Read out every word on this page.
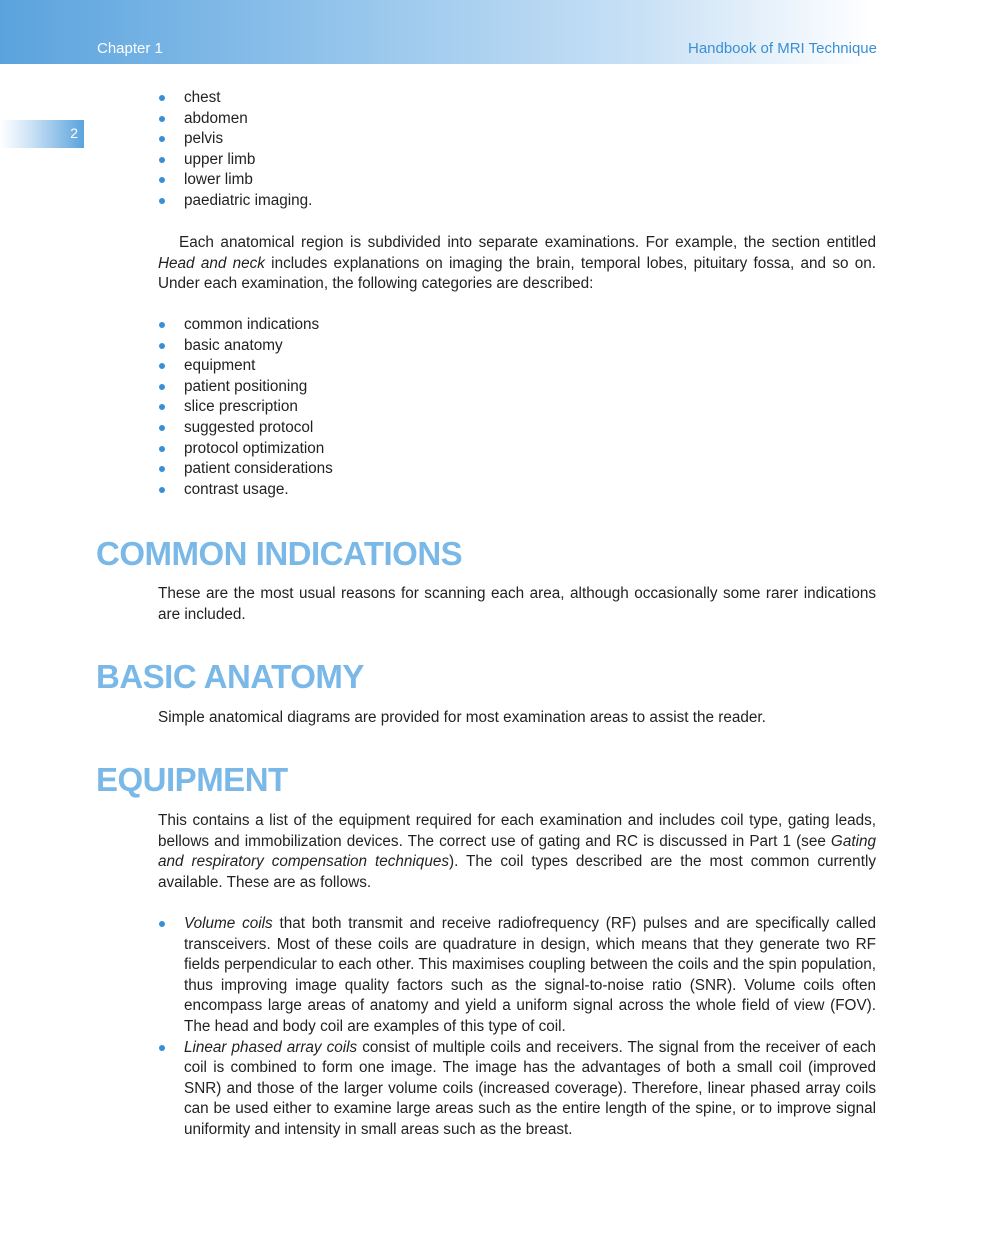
Chapter 1	Handbook of MRI Technique
2
chest
abdomen
pelvis
upper limb
lower limb
paediatric imaging.

Each anatomical region is subdivided into separate examinations. For example, the section entitled Head and neck includes explanations on imaging the brain, temporal lobes, pituitary fossa, and so on. Under each examination, the following categories are described:

common indications
basic anatomy
equipment
patient positioning
slice prescription
suggested protocol
protocol optimization
patient considerations
contrast usage.
COMMON INDICATIONS

These are the most usual reasons for scanning each area, although occasionally some rarer indications are included.

BASIC ANATOMY

Simple anatomical diagrams are provided for most examination areas to assist the reader.

EQUIPMENT

This contains a list of the equipment required for each examination and includes coil type, gating leads, bellows and immobilization devices. The correct use of gating and RC is discussed in Part 1 (see Gating and respiratory compensation techniques). The coil types described are the most common currently available. These are as follows.

Volume coils that both transmit and receive radiofrequency (RF) pulses and are specifically called transceivers. Most of these coils are quadrature in design, which means that they generate two RF fields perpendicular to each other. This maximises coupling between the coils and the spin population, thus improving image quality factors such as the signal-to-noise ratio (SNR). Volume coils often encompass large areas of anatomy and yield a uniform signal across the whole field of view (FOV). The head and body coil are examples of this type of coil.
Linear phased array coils consist of multiple coils and receivers. The signal from the receiver of each coil is combined to form one image. The image has the advantages of both a small coil (improved SNR) and those of the larger volume coils (increased coverage). Therefore, linear phased array coils can be used either to examine large areas such as the entire length of the spine, or to improve signal uniformity and intensity in small areas such as the breast.
